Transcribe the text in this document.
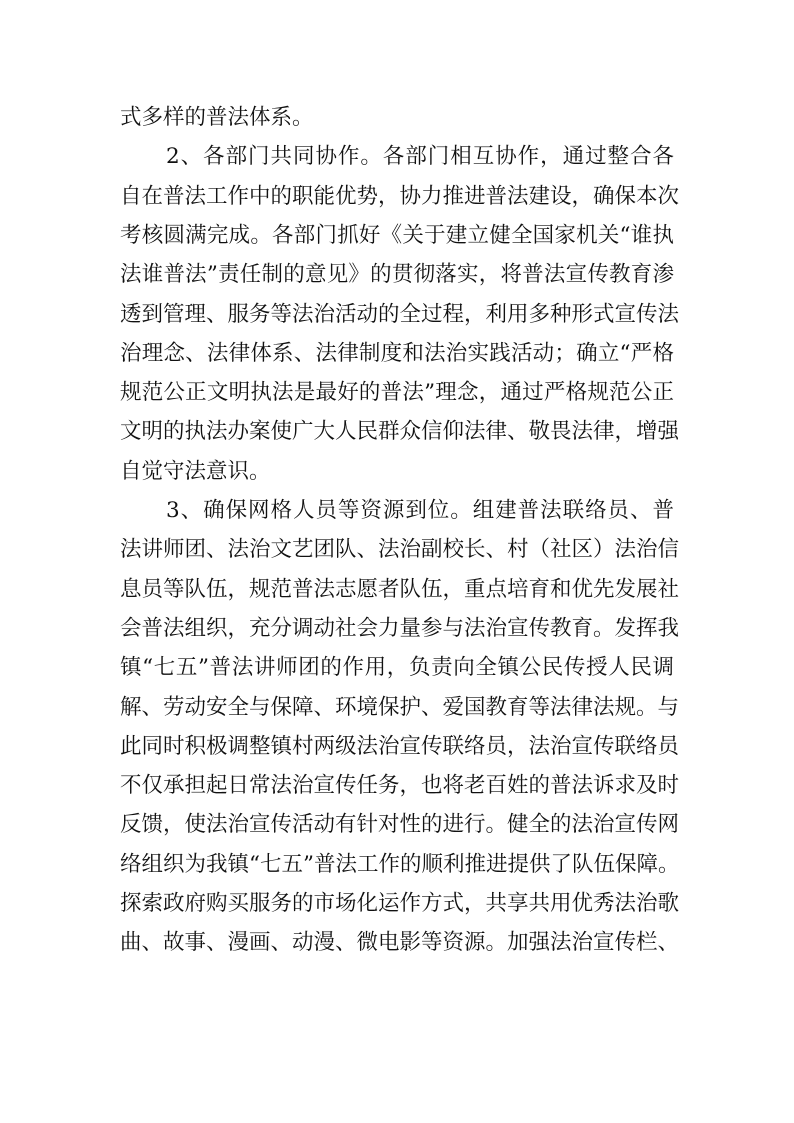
式多样的普法体系。
2、各部门共同协作。各部门相互协作，通过整合各
自在普法工作中的职能优势，协力推进普法建设，确保本次
考核圆满完成。各部门抓好《关于建立健全国家机关“谁执
法谁普法”责任制的意见》的贯彻落实，将普法宣传教育渗
透到管理、服务等法治活动的全过程，利用多种形式宣传法
治理念、法律体系、法律制度和法治实践活动；确立“严格
规范公正文明执法是最好的普法”理念，通过严格规范公正
文明的执法办案使广大人民群众信仰法律、敬畏法律，增强
自觉守法意识。
3、确保网格人员等资源到位。组建普法联络员、普
法讲师团、法治文艺团队、法治副校长、村（社区）法治信
息员等队伍，规范普法志愿者队伍，重点培育和优先发展社
会普法组织，充分调动社会力量参与法治宣传教育。发挥我
镇“七五”普法讲师团的作用，负责向全镇公民传授人民调
解、劳动安全与保障、环境保护、爱国教育等法律法规。与
此同时积极调整镇村两级法治宣传联络员，法治宣传联络员
不仅承担起日常法治宣传任务，也将老百姓的普法诉求及时
反馈，使法治宣传活动有针对性的进行。健全的法治宣传网
络组织为我镇“七五”普法工作的顺利推进提供了队伍保障。
探索政府购买服务的市场化运作方式，共享共用优秀法治歌
曲、故事、漫画、动漫、微电影等资源。加强法治宣传栏、
